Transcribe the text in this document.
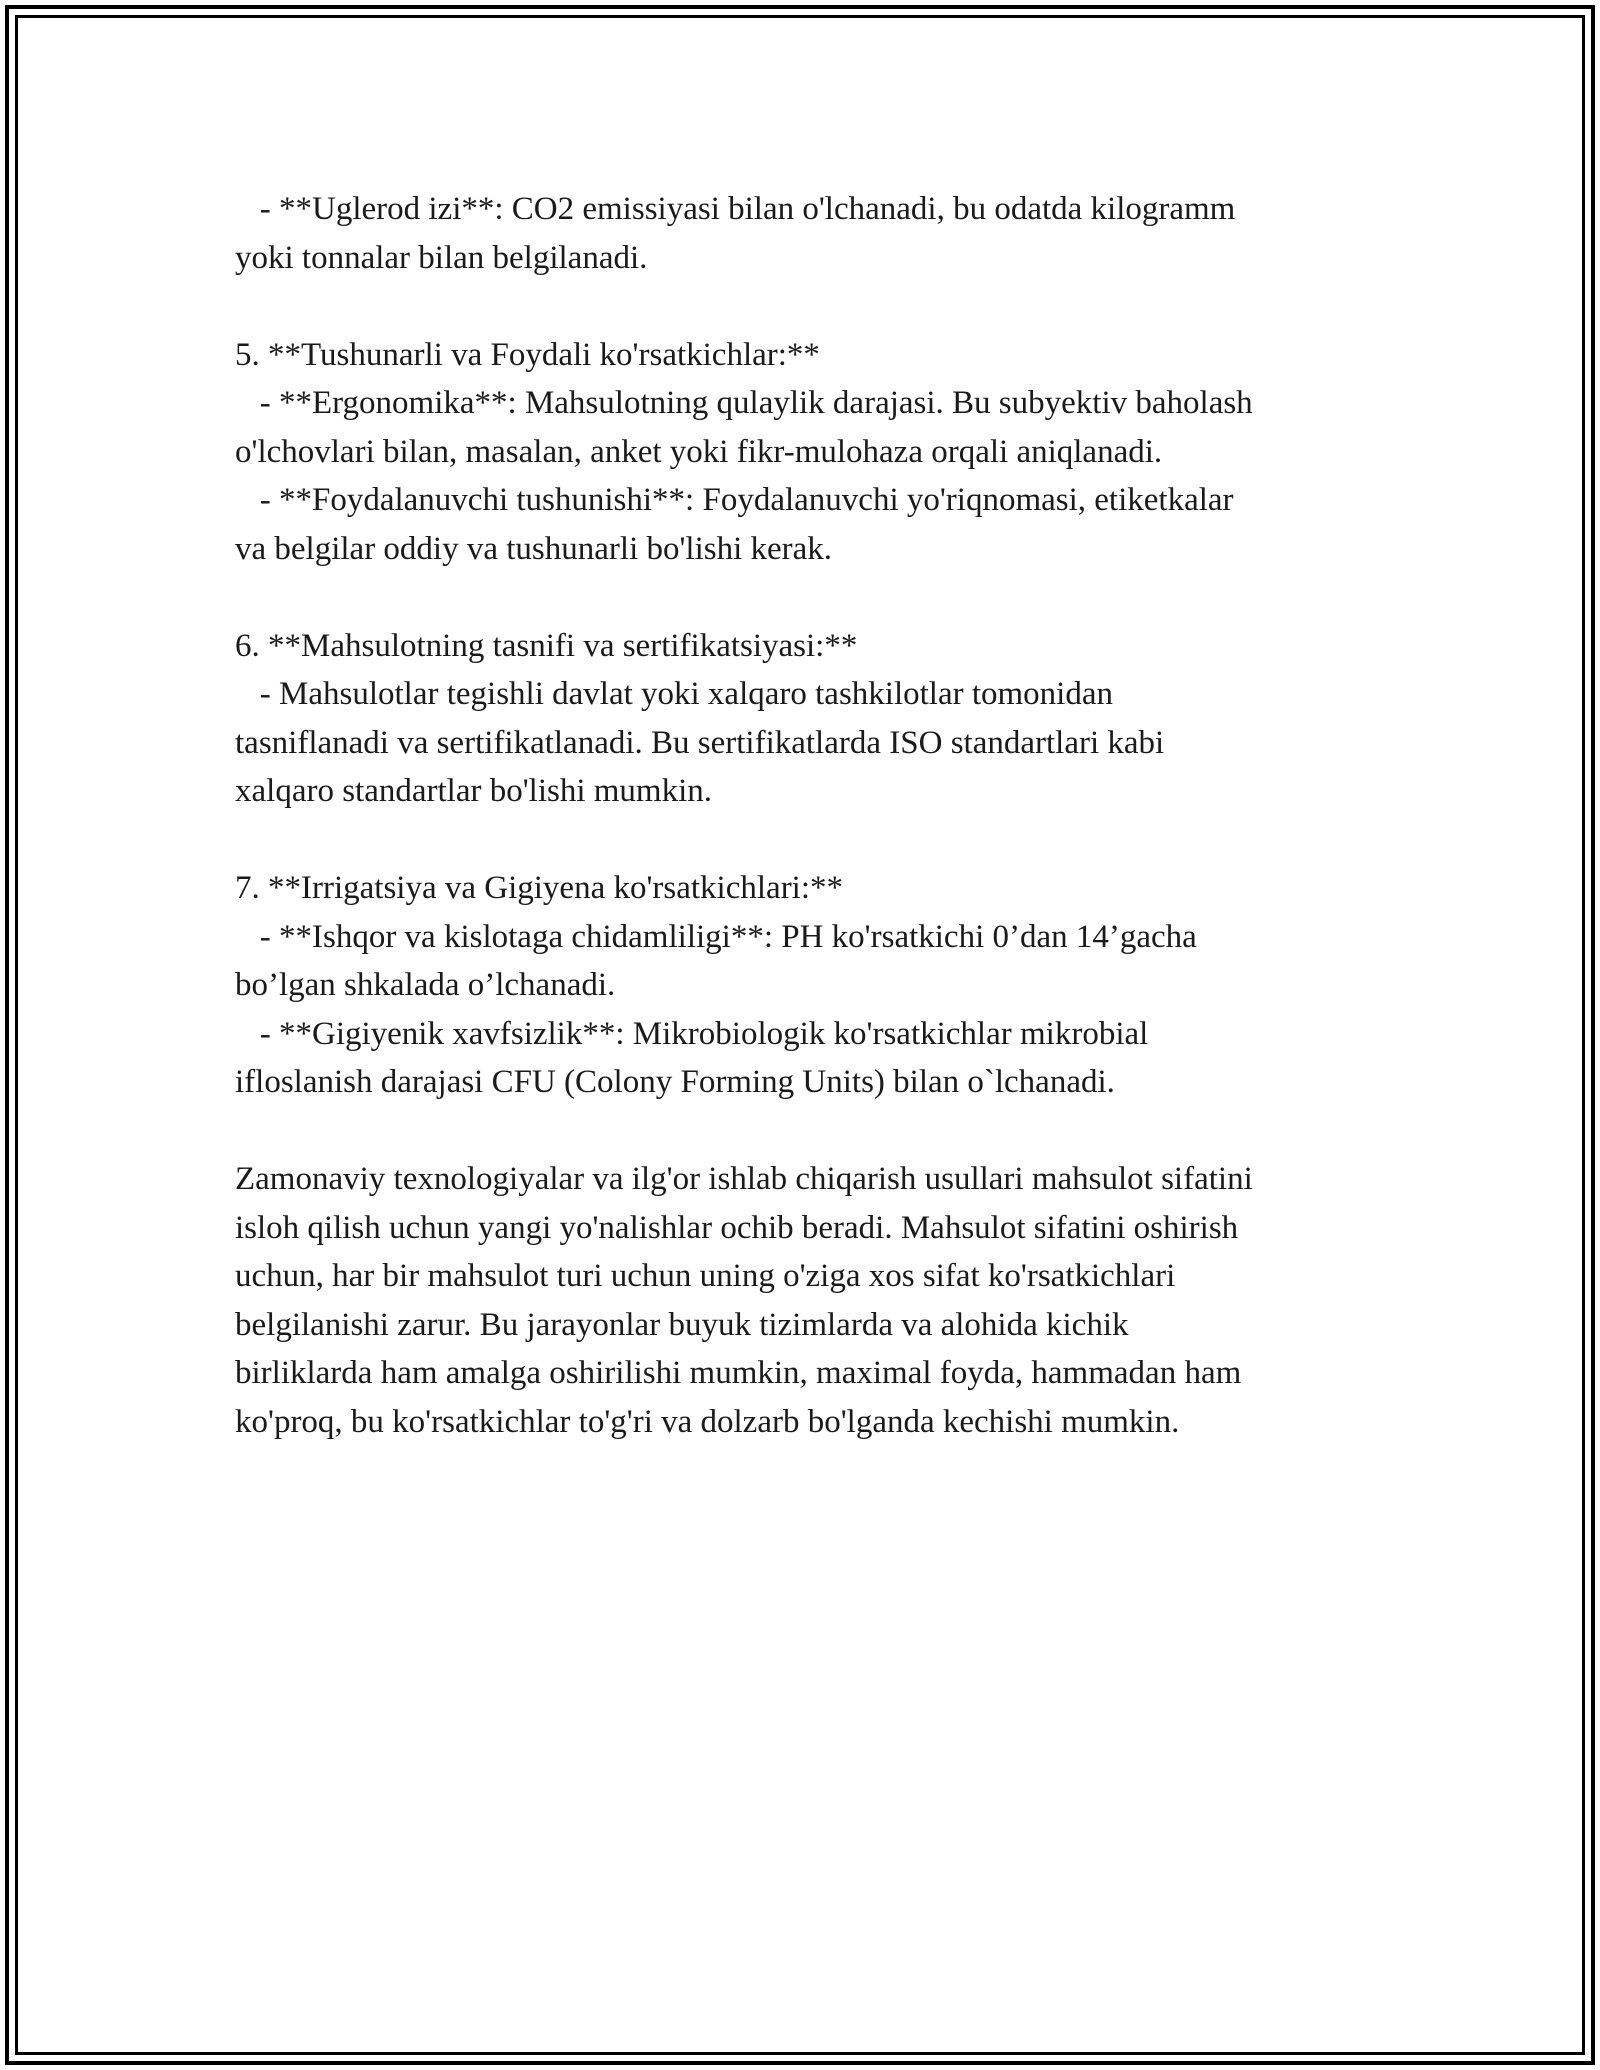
- **Uglerod izi**: CO2 emissiyasi bilan o'lchanadi, bu odatda kilogramm

yoki tonnalar bilan belgilanadi.

5. **Tushunarli va Foydali ko'rsatkichlar:**

- **Ergonomika**: Mahsulotning qulaylik darajasi. Bu subyektiv baholash

o'lchovlari bilan, masalan, anket yoki fikr-mulohaza orqali aniqlanadi.

- **Foydalanuvchi tushunishi**: Foydalanuvchi yo'riqnomasi, etiketkalar

va belgilar oddiy va tushunarli bo'lishi kerak.

6. **Mahsulotning tasnifi va sertifikatsiyasi:**

- Mahsulotlar tegishli davlat yoki xalqaro tashkilotlar tomonidan

tasniflanadi va sertifikatlanadi. Bu sertifikatlarda ISO standartlari kabi

xalqaro standartlar bo'lishi mumkin.

7. **Irrigatsiya va Gigiyena ko'rsatkichlari:**

- **Ishqor va kislotaga chidamliligi**: PH ko'rsatkichi 0’dan 14’gacha

bo’lgan shkalada o’lchanadi.

- **Gigiyenik xavfsizlik**: Mikrobiologik ko'rsatkichlar mikrobial

ifloslanish darajasi CFU (Colony Forming Units) bilan o`lchanadi.

Zamonaviy texnologiyalar va ilg'or ishlab chiqarish usullari mahsulot sifatini

isloh qilish uchun yangi yo'nalishlar ochib beradi. Mahsulot sifatini oshirish

uchun, har bir mahsulot turi uchun uning o'ziga xos sifat ko'rsatkichlari

belgilanishi zarur. Bu jarayonlar buyuk tizimlarda va alohida kichik

birliklarda ham amalga oshirilishi mumkin, maximal foyda, hammadan ham

ko'proq, bu ko'rsatkichlar to'g'ri va dolzarb bo'lganda kechishi mumkin.
